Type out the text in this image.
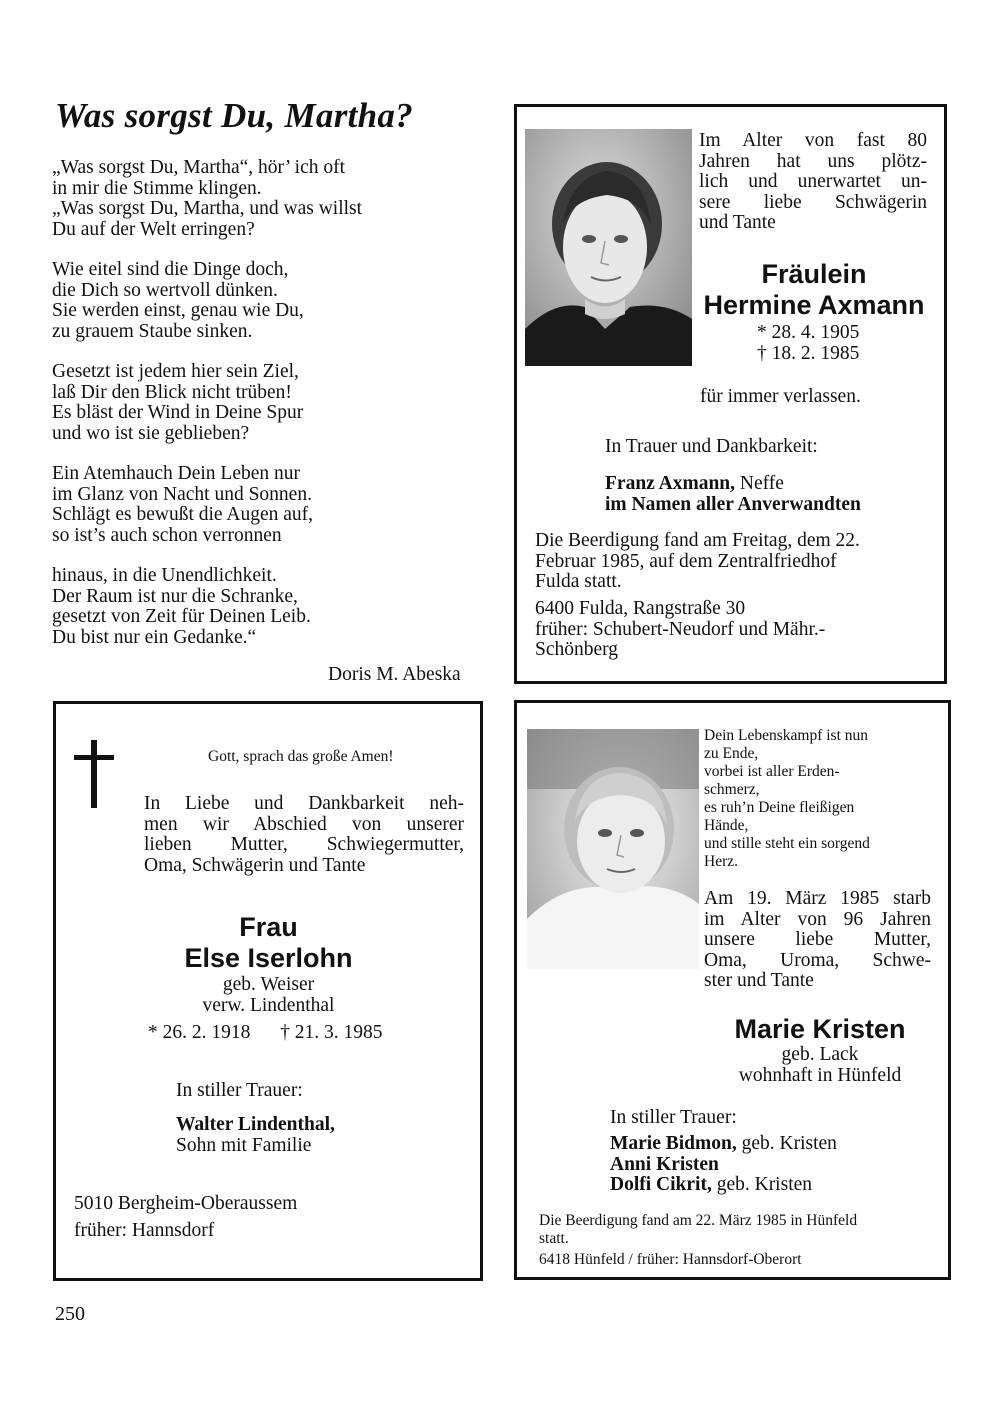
Was sorgst Du, Martha?
„Was sorgst Du, Martha“, hör’ ich oft
in mir die Stimme klingen.
„Was sorgst Du, Martha, und was willst
Du auf der Welt erringen?
Wie eitel sind die Dinge doch,
die Dich so wertvoll dünken.
Sie werden einst, genau wie Du,
zu grauem Staube sinken.
Gesetzt ist jedem hier sein Ziel,
laß Dir den Blick nicht trüben!
Es bläst der Wind in Deine Spur
und wo ist sie geblieben?
Ein Atemhauch Dein Leben nur
im Glanz von Nacht und Sonnen.
Schlägt es bewußt die Augen auf,
so ist’s auch schon verronnen
hinaus, in die Unendlichkeit.
Der Raum ist nur die Schranke,
gesetzt von Zeit für Deinen Leib.
Du bist nur ein Gedanke.“
Doris M. Abeska
Im Alter von fast 80
Jahren hat uns plötz-
lich und unerwartet un-
sere liebe Schwägerin
und Tante
Fräulein
Hermine Axmann
* 28. 4. 1905
† 18. 2. 1985
für immer verlassen.
In Trauer und Dankbarkeit:
Franz Axmann, Neffe
im Namen aller Anverwandten
Die Beerdigung fand am Freitag, dem 22.
Februar 1985, auf dem Zentralfriedhof
Fulda statt.
6400 Fulda, Rangstraße 30
früher: Schubert-Neudorf und Mähr.-
Schönberg
Gott, sprach das große Amen!
In Liebe und Dankbarkeit neh-
men wir Abschied von unserer
lieben Mutter, Schwiegermutter,
Oma, Schwägerin und Tante
Frau
Else Iserlohn
geb. Weiser
verw. Lindenthal
* 26. 2. 1918 † 21. 3. 1985
In stiller Trauer:
Walter Lindenthal,
Sohn mit Familie
5010 Bergheim-Oberaussem
früher: Hannsdorf
Dein Lebenskampf ist nun
zu Ende,
vorbei ist aller Erden-
schmerz,
es ruh’n Deine fleißigen
Hände,
und stille steht ein sorgend
Herz.
Am 19. März 1985 starb
im Alter von 96 Jahren
unsere liebe Mutter,
Oma, Uroma, Schwe-
ster und Tante
Marie Kristen
geb. Lack
wohnhaft in Hünfeld
In stiller Trauer:
Marie Bidmon, geb. Kristen
Anni Kristen
Dolfi Cikrit, geb. Kristen
Die Beerdigung fand am 22. März 1985 in Hünfeld
statt.
6418 Hünfeld / früher: Hannsdorf-Oberort
250
